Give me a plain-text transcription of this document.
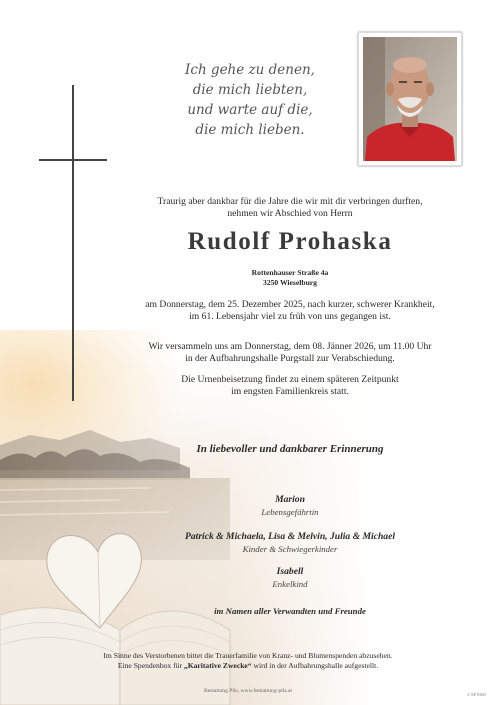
Ich gehe zu denen,
die mich liebten,
und warte auf die,
die mich lieben.
Traurig aber dankbar für die Jahre die wir mit dir verbringen durften,
nehmen wir Abschied von Herrn
Rudolf Prohaska
Rottenhauser Straße 4a
3250 Wieselburg
am Donnerstag, dem 25. Dezember 2025, nach kurzer, schwerer Krankheit,
im 61. Lebensjahr viel zu früh von uns gegangen ist.
Wir versammeln uns am Donnerstag, dem 08. Jänner 2026, um 11.00 Uhr
in der Aufbahrungshalle Purgstall zur Verabschiedung.
Die Urnenbeisetzung findet zu einem späteren Zeitpunkt
im engsten Familienkreis statt.
In liebevoller und dankbarer Erinnerung
Marion
Lebensgefährtin
Patrick & Michaela, Lisa & Melvin, Julia & Michael
Kinder & Schwiegerkinder
Isabell
Enkelkind
im Namen aller Verwandten und Freunde
Im Sinne des Verstorbenen bittet die Trauerfamilie von Kranz- und Blumenspenden abzusehen.
Eine Spendenbox für „Karitative Zwecke“ wird in der Aufbahrungshalle aufgestellt.
Bestattung Pils, www.bestattung-pils.at
© EF 9260
